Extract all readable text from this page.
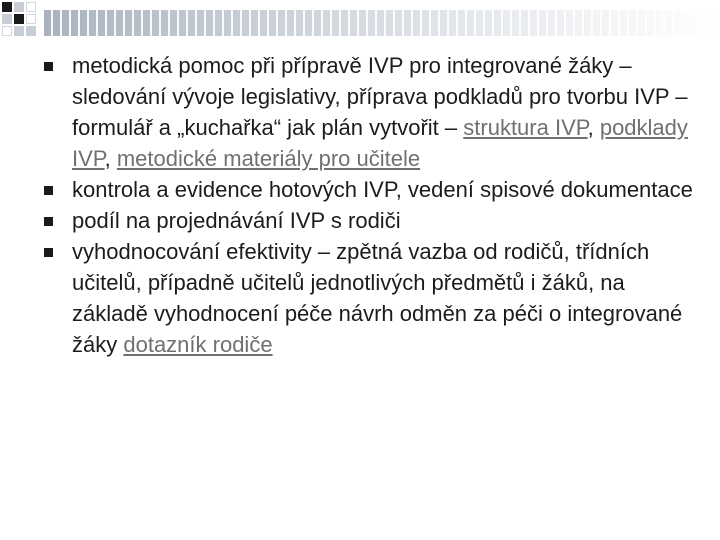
metodická pomoc při přípravě IVP pro integrované žáky – sledování vývoje legislativy, příprava podkladů pro tvorbu IVP – formulář a „kuchařka“ jak plán vytvořit – struktura IVP, podklady IVP, metodické materiály pro učitele
kontrola a evidence hotových IVP, vedení spisové dokumentace
podíl na projednávání IVP s rodiči
vyhodnocování efektivity – zpětná vazba od rodičů, třídních učitelů, případně učitelů jednotlivých předmětů i žáků, na základě vyhodnocení péče návrh odměn za péči o integrované žáky dotazník rodiče
